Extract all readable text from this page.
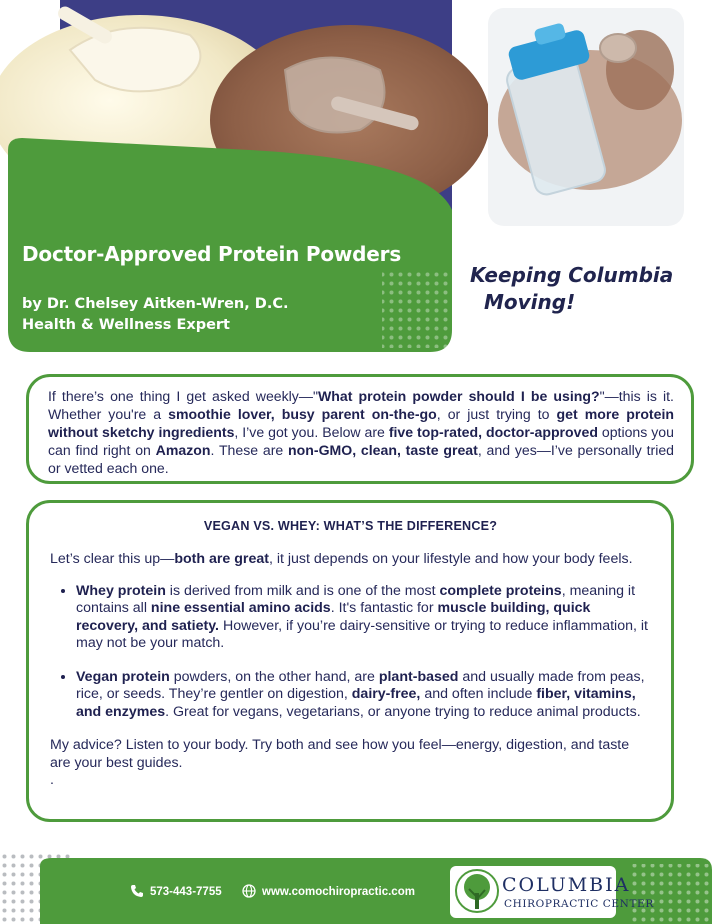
Doctor-Approved Protein Powders
by Dr. Chelsey Aitken-Wren, D.C.
Health & Wellness Expert
Keeping Columbia
Moving!

If there’s one thing I get asked weekly—"What protein powder should I be using?"—this is it. Whether you're a smoothie lover, busy parent on-the-go, or just trying to get more protein without sketchy ingredients, I’ve got you. Below are five top-rated, doctor-approved options you can find right on Amazon. These are non-GMO, clean, taste great, and yes—I’ve personally tried or vetted each one.

VEGAN VS. WHEY: WHAT’S THE DIFFERENCE?

Let’s clear this up—both are great, it just depends on your lifestyle and how your body feels.

• Whey protein is derived from milk and is one of the most complete proteins, meaning it contains all nine essential amino acids. It's fantastic for muscle building, quick recovery, and satiety. However, if you’re dairy-sensitive or trying to reduce inflammation, it may not be your match.
• Vegan protein powders, on the other hand, are plant-based and usually made from peas, rice, or seeds. They’re gentler on digestion, dairy-free, and often include fiber, vitamins, and enzymes. Great for vegans, vegetarians, or anyone trying to reduce animal products.

My advice? Listen to your body. Try both and see how you feel—energy, digestion, and taste are your best guides.

.

573-443-7755	www.comochiropractic.com	COLUMBIA
CHIROPRACTIC CENTER
